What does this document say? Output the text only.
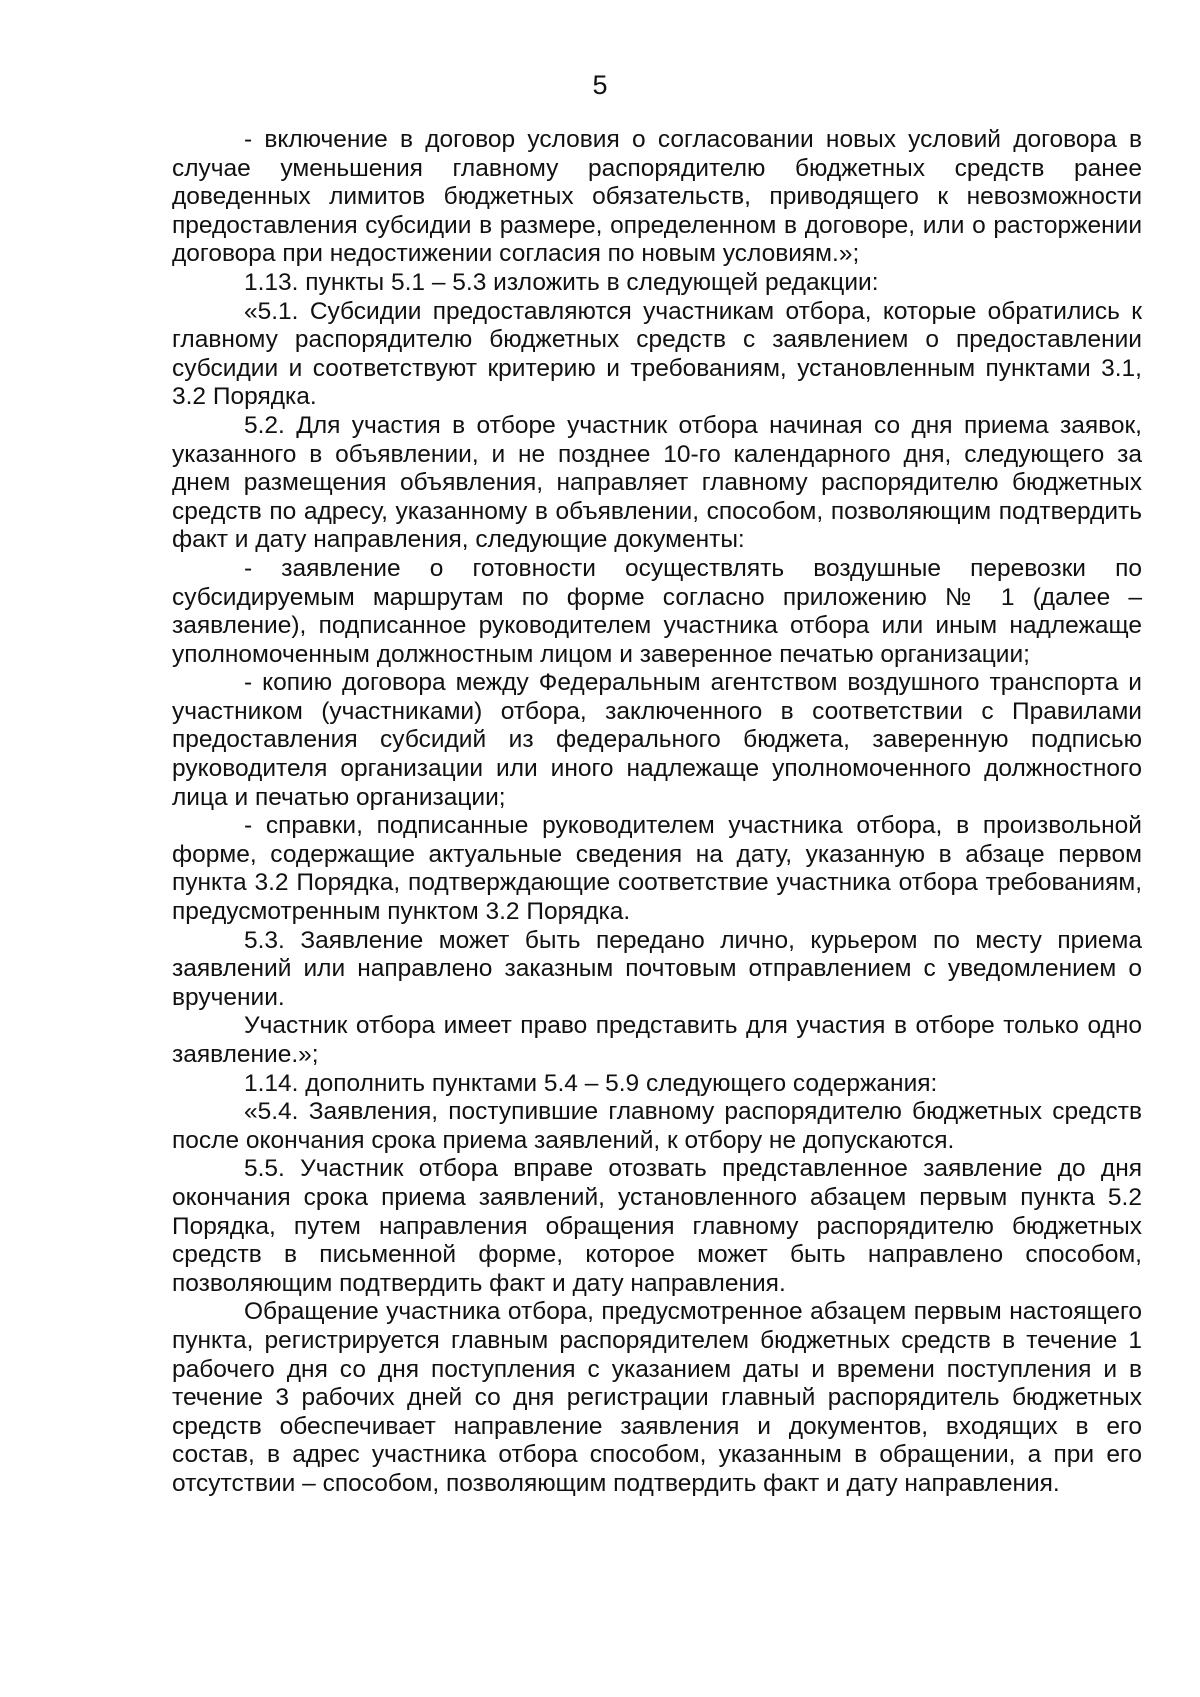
5

- включение в договор условия о согласовании новых условий договора в случае уменьшения главному распорядителю бюджетных средств ранее доведенных лимитов бюджетных обязательств, приводящего к невозможности предоставления субсидии в размере, определенном в договоре, или о расторжении договора при недостижении согласия по новым условиям.»;

1.13. пункты 5.1 – 5.3 изложить в следующей редакции:

«5.1. Субсидии предоставляются участникам отбора, которые обратились к главному распорядителю бюджетных средств с заявлением о предоставлении субсидии и соответствуют критерию и требованиям, установленным пунктами 3.1, 3.2 Порядка.

5.2. Для участия в отборе участник отбора начиная со дня приема заявок, указанного в объявлении, и не позднее 10-го календарного дня, следующего за днем размещения объявления, направляет главному распорядителю бюджетных средств по адресу, указанному в объявлении, способом, позволяющим подтвердить факт и дату направления, следующие документы:

- заявление о готовности осуществлять воздушные перевозки по субсидируемым маршрутам по форме согласно приложению № 1 (далее – заявление), подписанное руководителем участника отбора или иным надлежаще уполномоченным должностным лицом и заверенное печатью организации;

- копию договора между Федеральным агентством воздушного транспорта и участником (участниками) отбора, заключенного в соответствии с Правилами предоставления субсидий из федерального бюджета, заверенную подписью руководителя организации или иного надлежаще уполномоченного должностного лица и печатью организации;

- справки, подписанные руководителем участника отбора, в произвольной форме, содержащие актуальные сведения на дату, указанную в абзаце первом пункта 3.2 Порядка, подтверждающие соответствие участника отбора требованиям, предусмотренным пунктом 3.2 Порядка.

5.3. Заявление может быть передано лично, курьером по месту приема заявлений или направлено заказным почтовым отправлением с уведомлением о вручении.

Участник отбора имеет право представить для участия в отборе только одно заявление.»;

1.14. дополнить пунктами 5.4 – 5.9 следующего содержания:

«5.4. Заявления, поступившие главному распорядителю бюджетных средств после окончания срока приема заявлений, к отбору не допускаются.

5.5. Участник отбора вправе отозвать представленное заявление до дня окончания срока приема заявлений, установленного абзацем первым пункта 5.2 Порядка, путем направления обращения главному распорядителю бюджетных средств в письменной форме, которое может быть направлено способом, позволяющим подтвердить факт и дату направления.

Обращение участника отбора, предусмотренное абзацем первым настоящего пункта, регистрируется главным распорядителем бюджетных средств в течение 1 рабочего дня со дня поступления с указанием даты и времени поступления и в течение 3 рабочих дней со дня регистрации главный распорядитель бюджетных средств обеспечивает направление заявления и документов, входящих в его состав, в адрес участника отбора способом, указанным в обращении, а при его отсутствии – способом, позволяющим подтвердить факт и дату направления.
